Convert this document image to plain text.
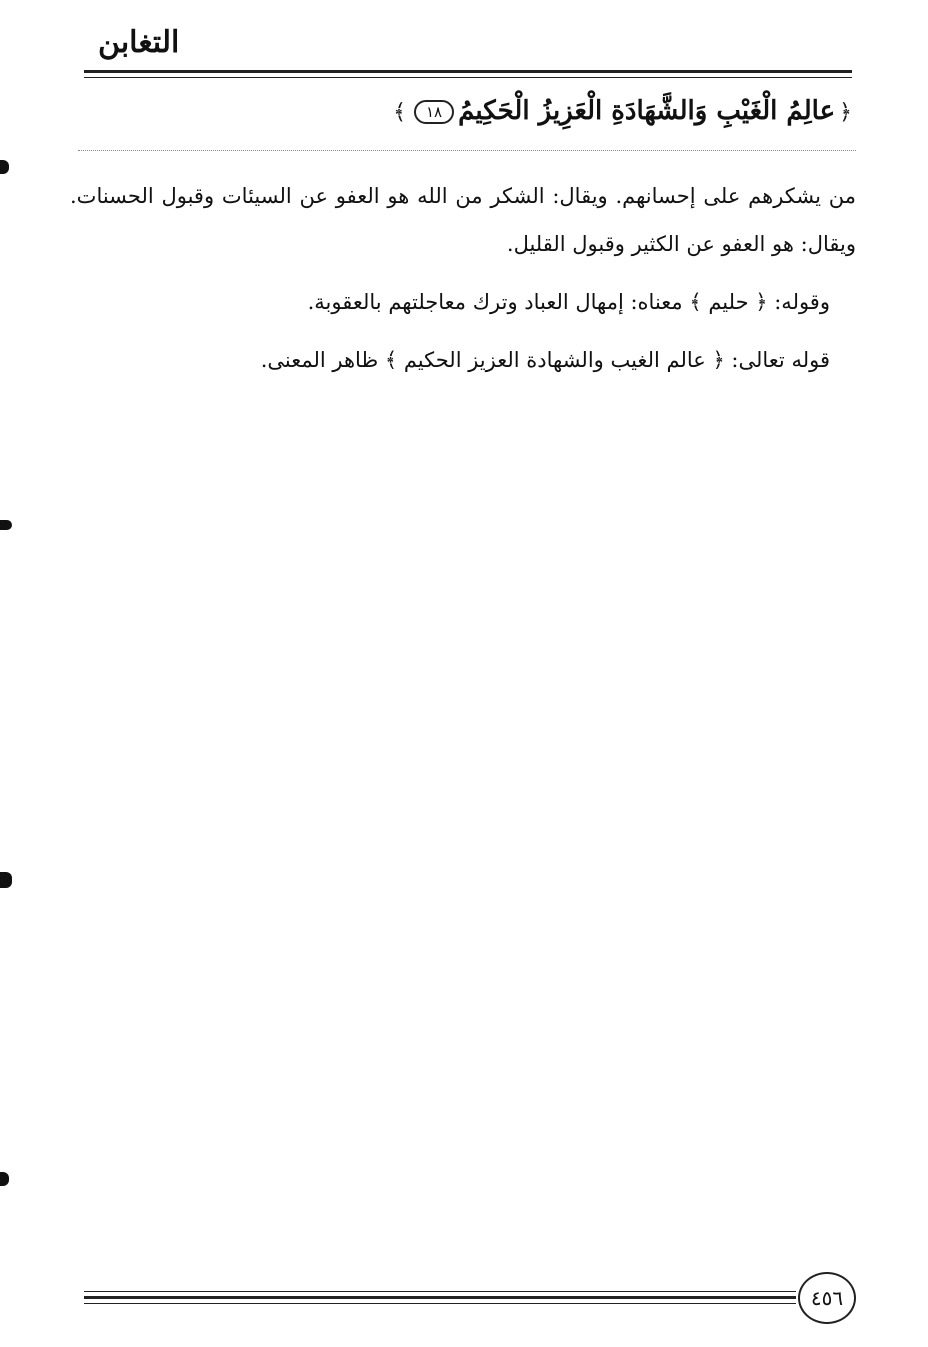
التغابن
﴿عالِمُ الْغَيْبِ وَالشَّهَادَةِ الْعَزِيزُ الْحَكِيمُ١٨﴾

من يشكرهم على إحسانهم. ويقال: الشكر من الله هو العفو عن السيئات وقبول الحسنات. ويقال: هو العفو عن الكثير وقبول القليل.

وقوله: ﴿ حليم ﴾ معناه: إمهال العباد وترك معاجلتهم بالعقوبة.

قوله تعالى: ﴿ عالم الغيب والشهادة العزيز الحكيم ﴾ ظاهر المعنى.

٤٥٦
